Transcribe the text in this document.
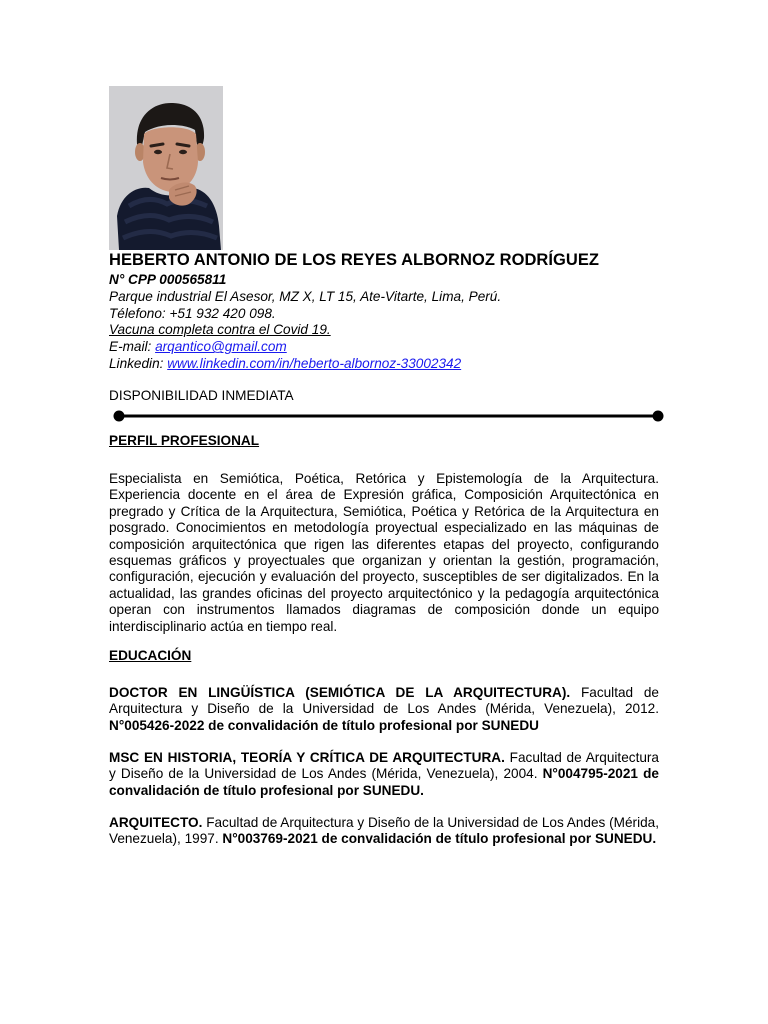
HEBERTO ANTONIO DE LOS REYES ALBORNOZ RODRÍGUEZ
N° CPP 000565811
Parque industrial El Asesor, MZ X, LT 15, Ate-Vitarte, Lima, Perú.
Télefono: +51 932 420 098.
Vacuna completa contra el Covid 19.
E-mail: arqantico@gmail.com
Linkedin: www.linkedin.com/in/heberto-albornoz-33002342
DISPONIBILIDAD INMEDIATA
PERFIL PROFESIONAL
Especialista en Semiótica, Poética, Retórica y Epistemología de la Arquitectura. Experiencia docente en el área de Expresión gráfica, Composición Arquitectónica en pregrado y Crítica de la Arquitectura, Semiótica, Poética y Retórica de la Arquitectura en posgrado. Conocimientos en metodología proyectual especializado en las máquinas de composición arquitectónica que rigen las diferentes etapas del proyecto, configurando esquemas gráficos y proyectuales que organizan y orientan la gestión, programación, configuración, ejecución y evaluación del proyecto, susceptibles de ser digitalizados. En la actualidad, las grandes oficinas del proyecto arquitectónico y la pedagogía arquitectónica operan con instrumentos llamados diagramas de composición donde un equipo interdisciplinario actúa en tiempo real.
EDUCACIÓN
DOCTOR EN LINGÜÍSTICA (SEMIÓTICA DE LA ARQUITECTURA). Facultad de Arquitectura y Diseño de la Universidad de Los Andes (Mérida, Venezuela), 2012. N°005426-2022 de convalidación de título profesional por SUNEDU
MSC EN HISTORIA, TEORÍA Y CRÍTICA DE ARQUITECTURA. Facultad de Arquitectura y Diseño de la Universidad de Los Andes (Mérida, Venezuela), 2004. N°004795-2021 de convalidación de título profesional por SUNEDU.
ARQUITECTO. Facultad de Arquitectura y Diseño de la Universidad de Los Andes (Mérida, Venezuela), 1997. N°003769-2021 de convalidación de título profesional por SUNEDU.
